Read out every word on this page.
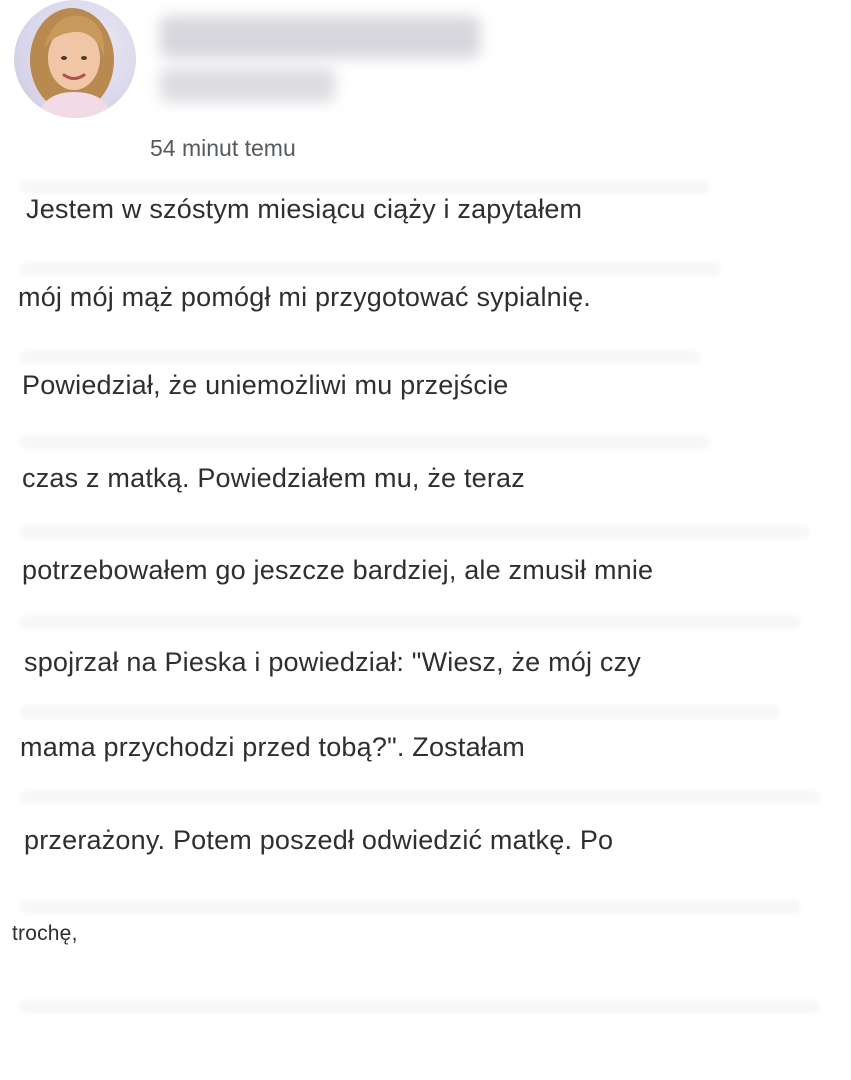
54 minut temu
Jestem w szóstym miesiącu ciąży i zapytałem
mój mój mąż pomógł mi przygotować sypialnię.
Powiedział, że uniemożliwi mu przejście
czas z matką. Powiedziałem mu, że teraz
potrzebowałem go jeszcze bardziej, ale zmusił mnie
spojrzał na Pieska i powiedział: "Wiesz, że mój czy
mama przychodzi przed tobą?". Zostałam
przerażony. Potem poszedł odwiedzić matkę. Po
trochę,
